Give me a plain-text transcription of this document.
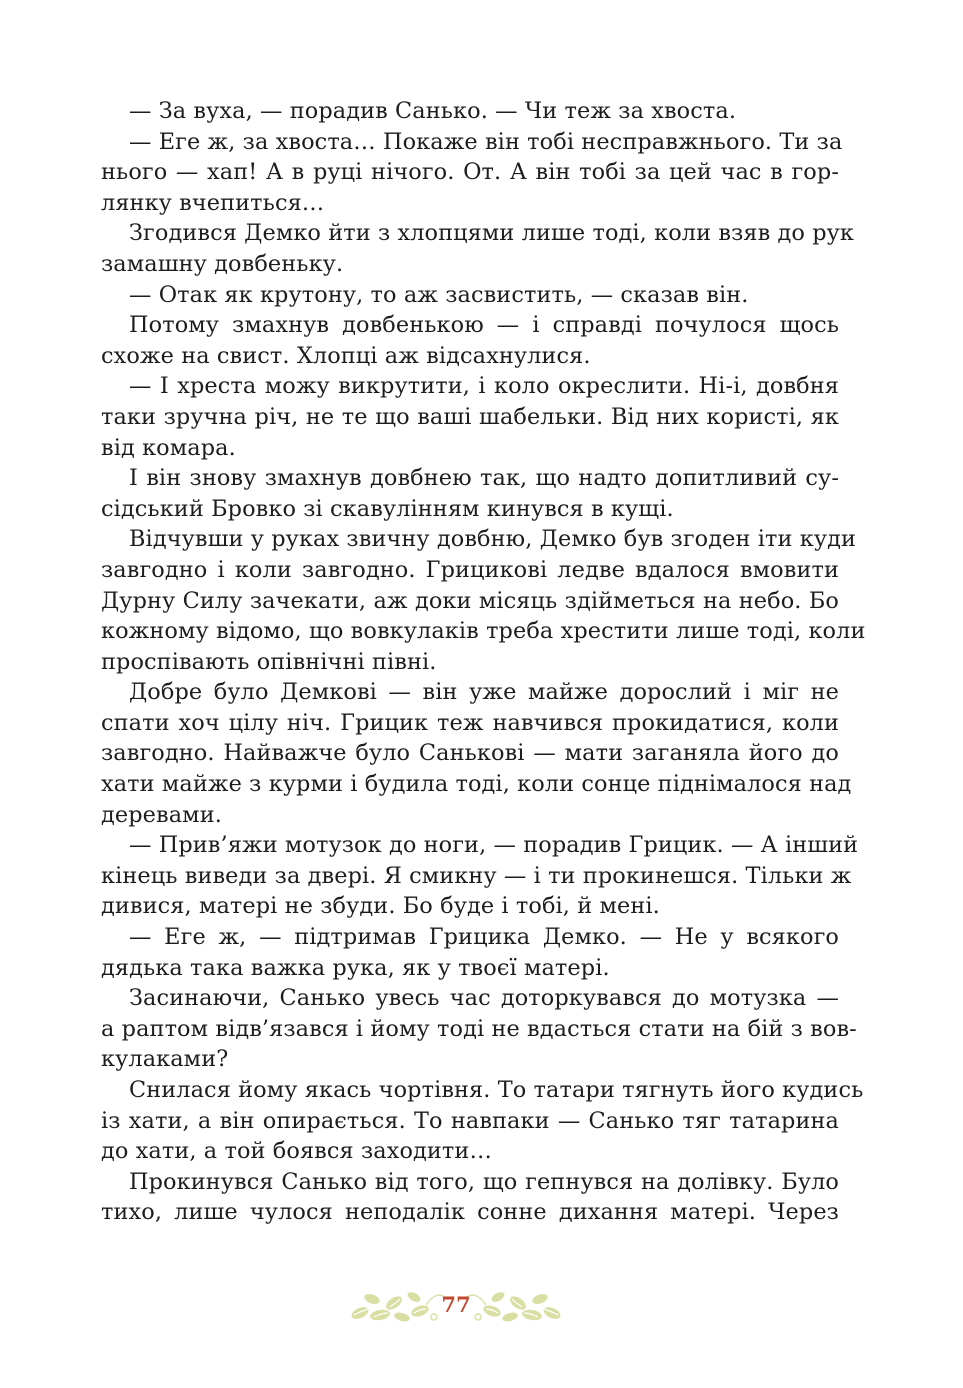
— За вуха, — порадив Санько. — Чи теж за хвоста.
— Еге ж, за хвоста… Покаже він тобі несправжнього. Ти за
нього — хап! А в руці нічого. От. А він тобі за цей час в гор-
лянку вчепиться…
Згодився Демко йти з хлопцями лише тоді, коли взяв до рук
замашну довбеньку.
— Отак як крутону, то аж засвистить, — сказав він.
Потому змахнув довбенькою — і справді почулося щось
схоже на свист. Хлопці аж відсахнулися.
— І хреста можу викрутити, і коло окреслити. Ні-і, довбня
таки зручна річ, не те що ваші шабельки. Від них користі, як
від комара.
І він знову змахнув довбнею так, що надто допитливий су-
сідський Бровко зі скавулінням кинувся в кущі.
Відчувши у руках звичну довбню, Демко був згоден іти куди
завгодно і коли завгодно. Грицикові ледве вдалося вмовити
Дурну Силу зачекати, аж доки місяць здійметься на небо. Бо
кожному відомо, що вовкулаків треба хрестити лише тоді, коли
проспівають опівнічні півні.
Добре було Демкові — він уже майже дорослий і міг не
спати хоч цілу ніч. Грицик теж навчився прокидатися, коли
завгодно. Найважче було Санькові — мати заганяла його до
хати майже з курми і будила тоді, коли сонце піднімалося над
деревами.
— Прив’яжи мотузок до ноги, — порадив Грицик. — А інший
кінець виведи за двері. Я смикну — і ти прокинешся. Тільки ж
дивися, матері не збуди. Бо буде і тобі, й мені.
— Еге ж, — підтримав Грицика Демко. — Не у всякого
дядька така важка рука, як у твоєї матері.
Засинаючи, Санько увесь час доторкувався до мотузка —
а раптом відв’язався і йому тоді не вдасться стати на бій з вов-
кулаками?
Снилася йому якась чортівня. То татари тягнуть його кудись
із хати, а він опирається. То навпаки — Санько тяг татарина
до хати, а той боявся заходити…
Прокинувся Санько від того, що гепнувся на долівку. Було
тихо, лише чулося неподалік сонне дихання матері. Через
77
